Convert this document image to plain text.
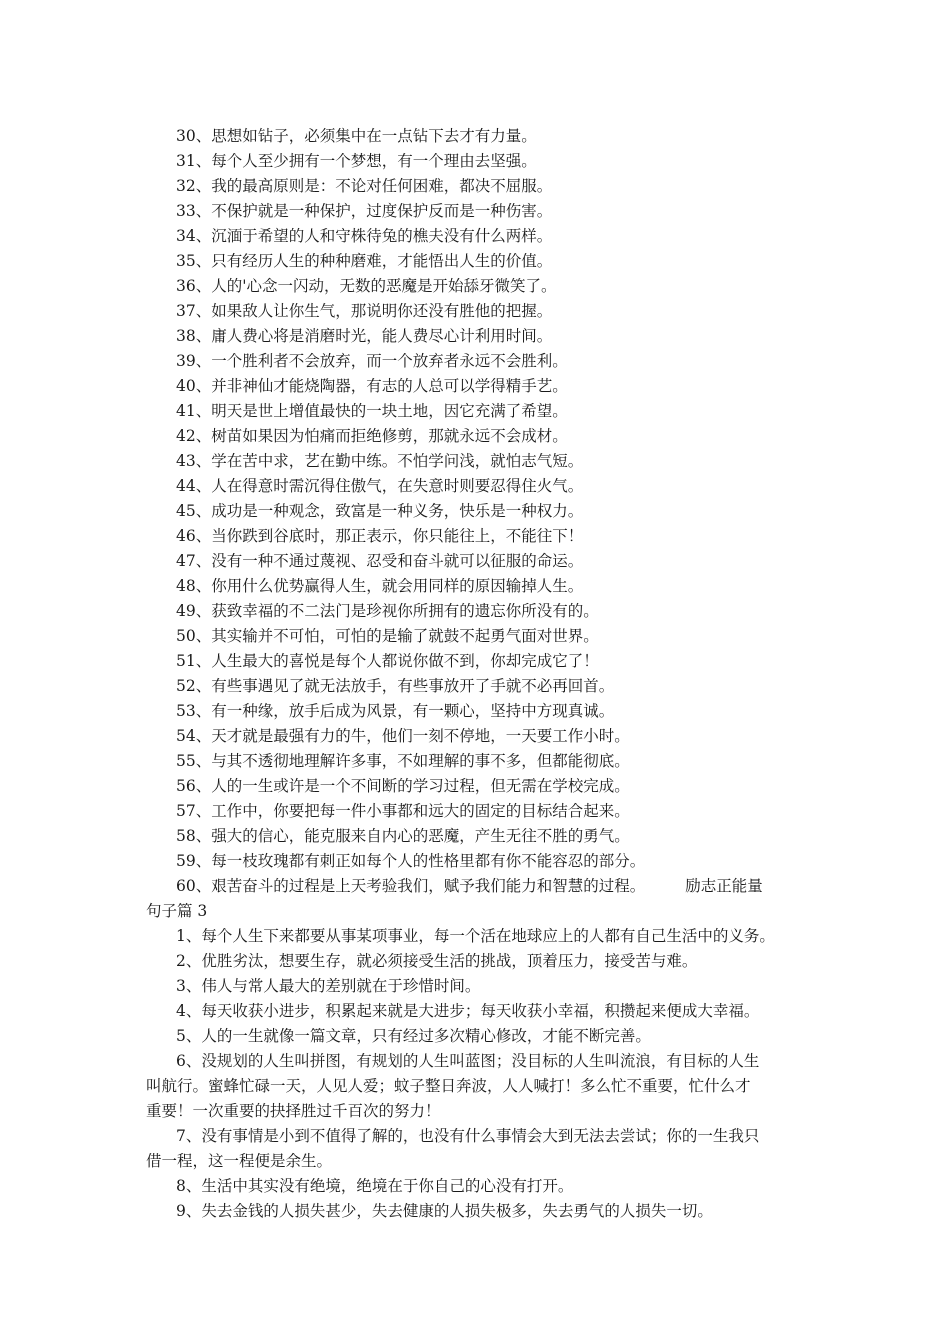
30、思想如钻子，必须集中在一点钻下去才有力量。
31、每个人至少拥有一个梦想，有一个理由去坚强。
32、我的最高原则是：不论对任何困难，都决不屈服。
33、不保护就是一种保护，过度保护反而是一种伤害。
34、沉湎于希望的人和守株待兔的樵夫没有什么两样。
35、只有经历人生的种种磨难，才能悟出人生的价值。
36、人的'心念一闪动，无数的恶魔是开始舔牙微笑了。
37、如果敌人让你生气，那说明你还没有胜他的把握。
38、庸人费心将是消磨时光，能人费尽心计利用时间。
39、一个胜利者不会放弃，而一个放弃者永远不会胜利。
40、并非神仙才能烧陶器，有志的人总可以学得精手艺。
41、明天是世上增值最快的一块土地，因它充满了希望。
42、树苗如果因为怕痛而拒绝修剪，那就永远不会成材。
43、学在苦中求，艺在勤中练。不怕学问浅，就怕志气短。
44、人在得意时需沉得住傲气，在失意时则要忍得住火气。
45、成功是一种观念，致富是一种义务，快乐是一种权力。
46、当你跌到谷底时，那正表示，你只能往上，不能往下！
47、没有一种不通过蔑视、忍受和奋斗就可以征服的命运。
48、你用什么优势赢得人生，就会用同样的原因输掉人生。
49、获致幸福的不二法门是珍视你所拥有的遗忘你所没有的。
50、其实输并不可怕，可怕的是输了就鼓不起勇气面对世界。
51、人生最大的喜悦是每个人都说你做不到，你却完成它了！
52、有些事遇见了就无法放手，有些事放开了手就不必再回首。
53、有一种缘，放手后成为风景，有一颗心，坚持中方现真诚。
54、天才就是最强有力的牛，他们一刻不停地，一天要工作小时。
55、与其不透彻地理解许多事，不如理解的事不多，但都能彻底。
56、人的一生或许是一个不间断的学习过程，但无需在学校完成。
57、工作中，你要把每一件小事都和远大的固定的目标结合起来。
58、强大的信心，能克服来自内心的恶魔，产生无往不胜的勇气。
59、每一枝玫瑰都有刺正如每个人的性格里都有你不能容忍的部分。
60、艰苦奋斗的过程是上天考验我们，赋予我们能力和智慧的过程。	励志正能量
句子篇 3
1、每个人生下来都要从事某项事业，每一个活在地球应上的人都有自己生活中的义务。
2、优胜劣汰，想要生存，就必须接受生活的挑战，顶着压力，接受苦与难。
3、伟人与常人最大的差别就在于珍惜时间。
4、每天收获小进步，积累起来就是大进步；每天收获小幸福，积攒起来便成大幸福。
5、人的一生就像一篇文章，只有经过多次精心修改，才能不断完善。
6、没规划的人生叫拼图，有规划的人生叫蓝图；没目标的人生叫流浪，有目标的人生
叫航行。蜜蜂忙碌一天，人见人爱；蚊子整日奔波，人人喊打！多么忙不重要，忙什么才
重要！一次重要的抉择胜过千百次的努力！
7、没有事情是小到不值得了解的，也没有什么事情会大到无法去尝试；你的一生我只
借一程，这一程便是余生。
8、生活中其实没有绝境，绝境在于你自己的心没有打开。
9、失去金钱的人损失甚少，失去健康的人损失极多，失去勇气的人损失一切。
